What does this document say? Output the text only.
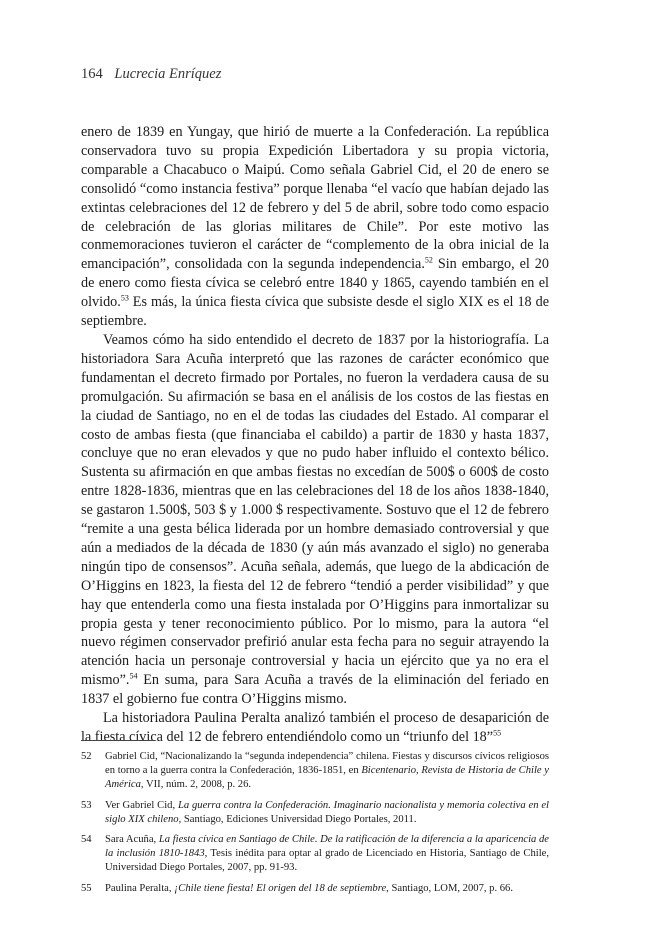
164 Lucrecia Enríquez

enero de 1839 en Yungay, que hirió de muerte a la Confederación. La república conservadora tuvo su propia Expedición Libertadora y su propia victoria, comparable a Chacabuco o Maipú. Como señala Gabriel Cid, el 20 de enero se consolidó “como instancia festiva” porque llenaba “el vacío que habían dejado las extintas celebraciones del 12 de febrero y del 5 de abril, sobre todo como espacio de celebración de las glorias militares de Chile”. Por este motivo las conmemoraciones tuvieron el carácter de “complemento de la obra inicial de la emancipación”, consolidada con la segunda independencia.$^{52}$ Sin embargo, el 20 de enero como fiesta cívica se celebró entre 1840 y 1865, cayendo también en el olvido.$^{53}$ Es más, la única fiesta cívica que subsiste desde el siglo XIX es el 18 de septiembre.

Veamos cómo ha sido entendido el decreto de 1837 por la historiografía. La historiadora Sara Acuña interpretó que las razones de carácter económico que fundamentan el decreto firmado por Portales, no fueron la verdadera causa de su promulgación. Su afirmación se basa en el análisis de los costos de las fiestas en la ciudad de Santiago, no en el de todas las ciudades del Estado. Al comparar el costo de ambas fiesta (que financiaba el cabildo) a partir de 1830 y hasta 1837, concluye que no eran elevados y que no pudo haber influido el contexto bélico. Sustenta su afirmación en que ambas fiestas no excedían de 500$ o 600$ de costo entre 1828-1836, mientras que en las celebraciones del 18 de los años 1838-1840, se gastaron 1.500$, 503 $ y 1.000 $ respectivamente. Sostuvo que el 12 de febrero “remite a una gesta bélica liderada por un hombre demasiado controversial y que aún a mediados de la década de 1830 (y aún más avanzado el siglo) no generaba ningún tipo de consensos”. Acuña señala, además, que luego de la abdicación de O’Higgins en 1823, la fiesta del 12 de febrero “tendió a perder visibilidad” y que hay que entenderla como una fiesta instalada por O’Higgins para inmortalizar su propia gesta y tener reconocimiento público. Por lo mismo, para la autora “el nuevo régimen conservador prefirió anular esta fecha para no seguir atrayendo la atención hacia un personaje controversial y hacia un ejército que ya no era el mismo”.$^{54}$ En suma, para Sara Acuña a través de la eliminación del feriado en 1837 el gobierno fue contra O’Higgins mismo.

La historiadora Paulina Peralta analizó también el proceso de desaparición de la fiesta cívica del 12 de febrero entendiéndolo como un “triunfo del 18”$^{55}$

52	Gabriel Cid, “Nacionalizando la “segunda independencia” chilena. Fiestas y discursos cívicos religiosos en torno a la guerra contra la Confederación, 1836-1851, en Bicentenario, Revista de Historia de Chile y América, VII, núm. 2, 2008, p. 26.
53	Ver Gabriel Cid, La guerra contra la Confederación. Imaginario nacionalista y memoria colectiva en el siglo XIX chileno, Santiago, Ediciones Universidad Diego Portales, 2011.
54	Sara Acuña, La fiesta cívica en Santiago de Chile. De la ratificación de la diferencia a la aparicencia de la inclusión 1810-1843, Tesis inédita para optar al grado de Licenciado en Historia, Santiago de Chile, Universidad Diego Portales, 2007, pp. 91-93.
55	Paulina Peralta, ¡Chile tiene fiesta! El origen del 18 de septiembre, Santiago, LOM, 2007, p. 66.
